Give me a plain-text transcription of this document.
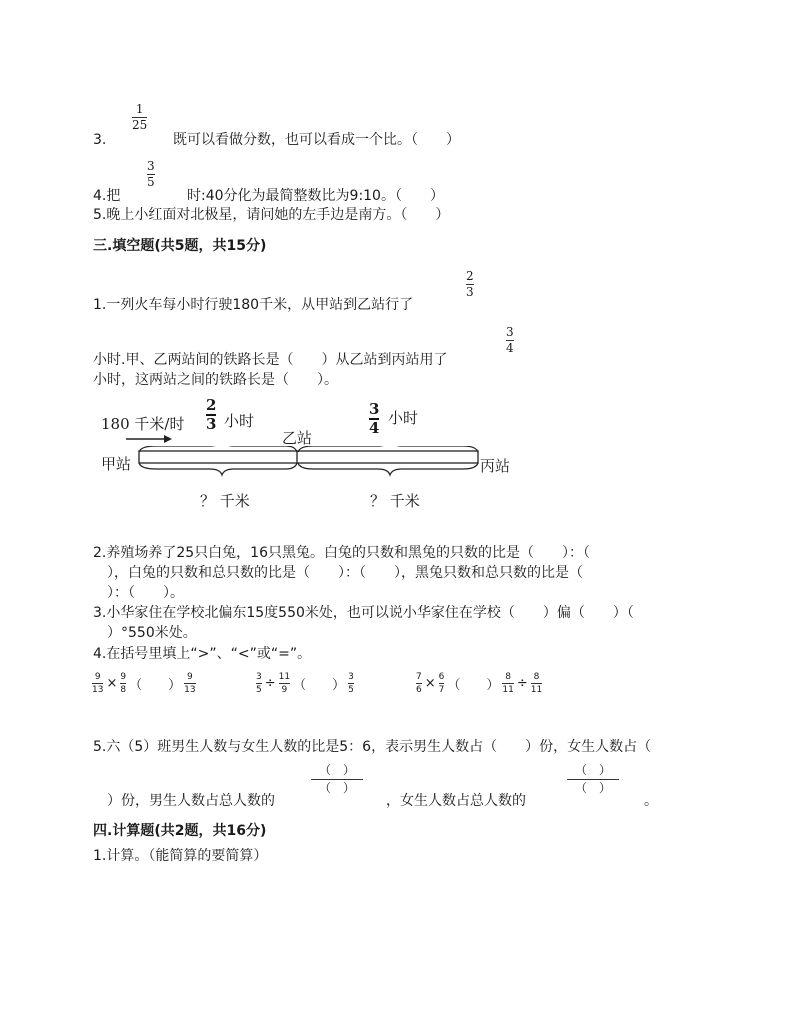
1
25
3.	既可以看做分数，也可以看成一个比。（　　）
3
5
4.把	时:40分化为最简整数比为9:10。（　　）
5.晚上小红面对北极星，请问她的左手边是南方。（　　）
三.填空题(共5题，共15分)
2
3
1.一列火车每小时行驶180千米，从甲站到乙站行了
3
4
小时.甲、乙两站间的铁路长是（　　）从乙站到丙站用了
小时，这两站之间的铁路长是（　　）。
180 千米/时
2
3 小时
3
4
小时
乙站
甲站	丙站
？ 千米	？ 千米
2.养殖场养了25只白兔，16只黑兔。白兔的只数和黑兔的只数的比是（　　）：（
　），白兔的只数和总只数的比是（　　）：（　　），黑兔只数和总只数的比是（
　）：（　　）。
3.小华家住在学校北偏东15度550米处，也可以说小华家住在学校（　　）偏（　　）（
　）°550米处。
4.在括号里填上“>”、“<”或“=”。
9
13 × 9
8 （　　）
9
13
3
5 ÷ 11
9 （　　）
3
5
7
6 × 6
7 （　　）
8
11 ÷ 8
11
5.六（5）班男生人数与女生人数的比是5：6，表示男生人数占（　　）份，女生人数占（
（　）
（　）
（　）
（　）
　）份，男生人数占总人数的	，女生人数占总人数的	。
四.计算题(共2题，共16分)
1.计算。（能简算的要简算）
